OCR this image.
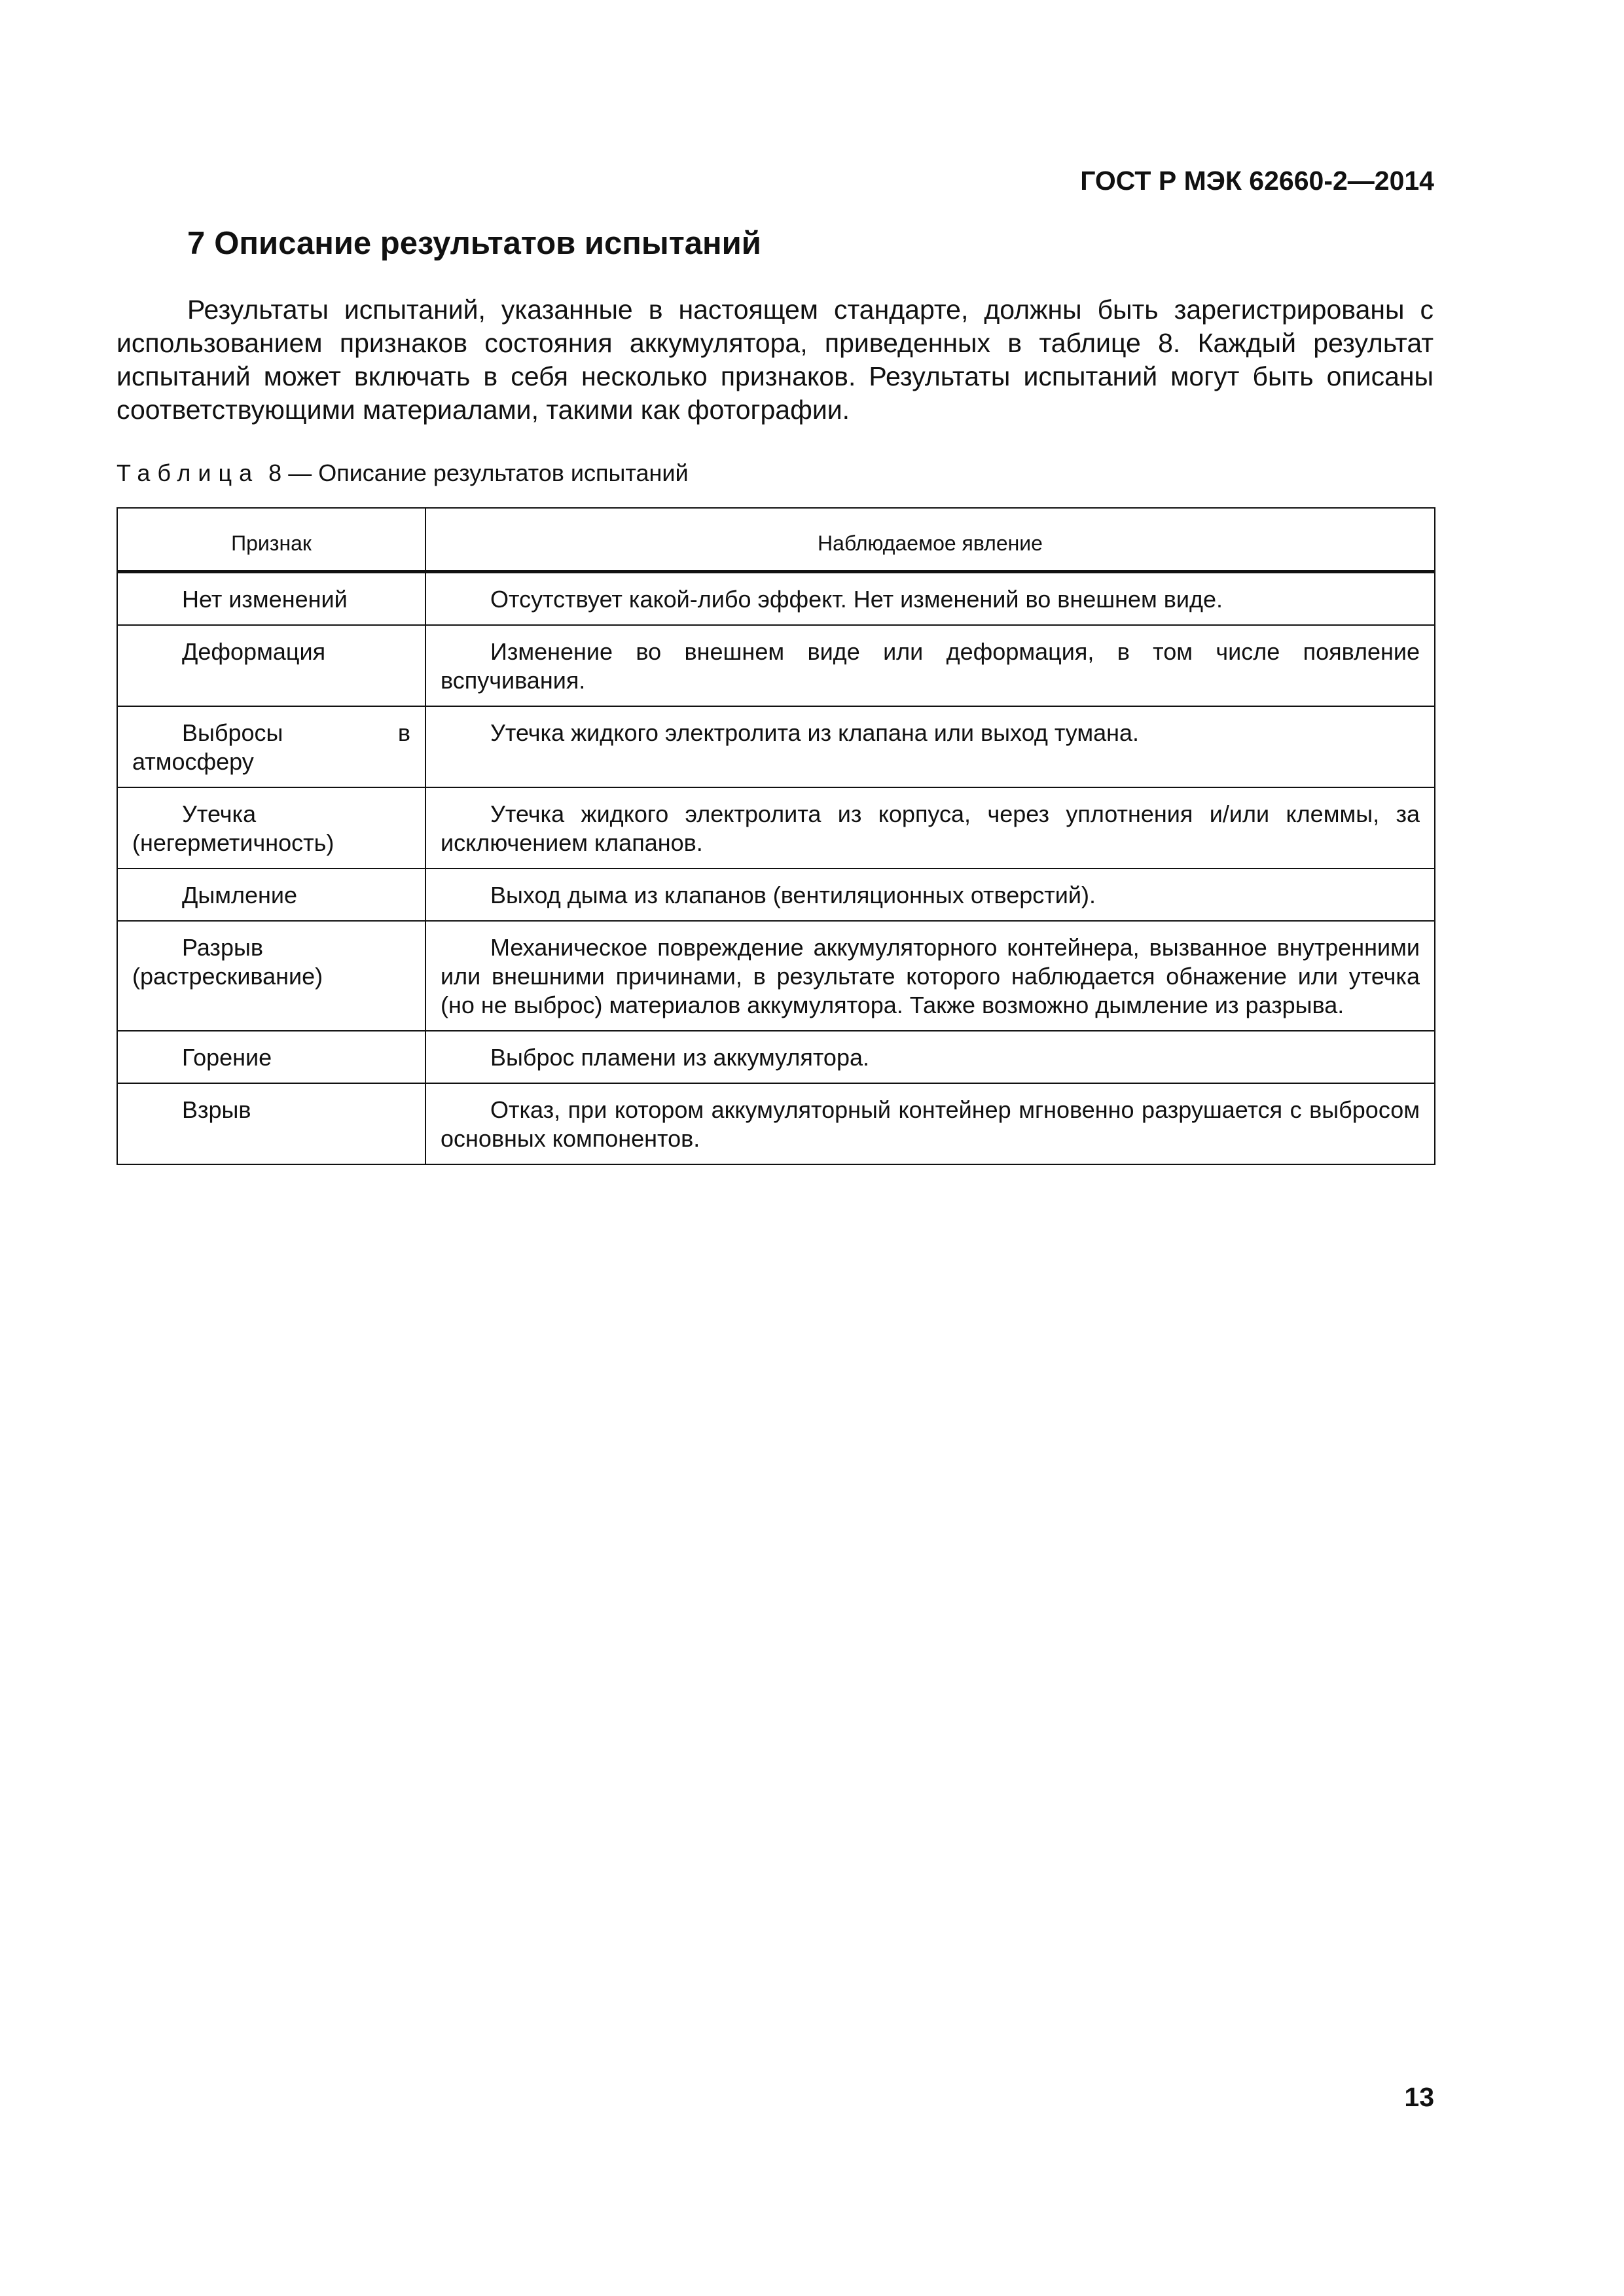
ГОСТ Р МЭК 62660-2—2014
7 Описание результатов испытаний

Результаты испытаний, указанные в настоящем стандарте, должны быть зарегистрированы с использованием признаков состояния аккумулятора, приведенных в таблице 8. Каждый результат испытаний может включать в себя несколько признаков. Результаты испытаний могут быть описаны соответствующими материалами, такими как фотографии.

Таблица 8 — Описание результатов испытаний
Признак	Наблюдаемое явление
Нет изменений	Отсутствует какой-либо эффект. Нет изменений во внешнем виде.
Деформация	Изменение во внешнем виде или деформация, в том числе появление вспучивания.
Выбросы в атмосферу	Утечка жидкого электролита из клапана или выход тумана.
Утечка (негерметичность)	Утечка жидкого электролита из корпуса, через уплотнения и/или клеммы, за исключением клапанов.
Дымление	Выход дыма из клапанов (вентиляционных отверстий).
Разрыв (растрескивание)	Механическое повреждение аккумуляторного контейнера, вызванное внутренними или внешними причинами, в результате которого наблюдается обнажение или утечка (но не выброс) материалов аккумулятора. Также возможно дымление из разрыва.
Горение	Выброс пламени из аккумулятора.
Взрыв	Отказ, при котором аккумуляторный контейнер мгновенно разрушается с выбросом основных компонентов.
13
